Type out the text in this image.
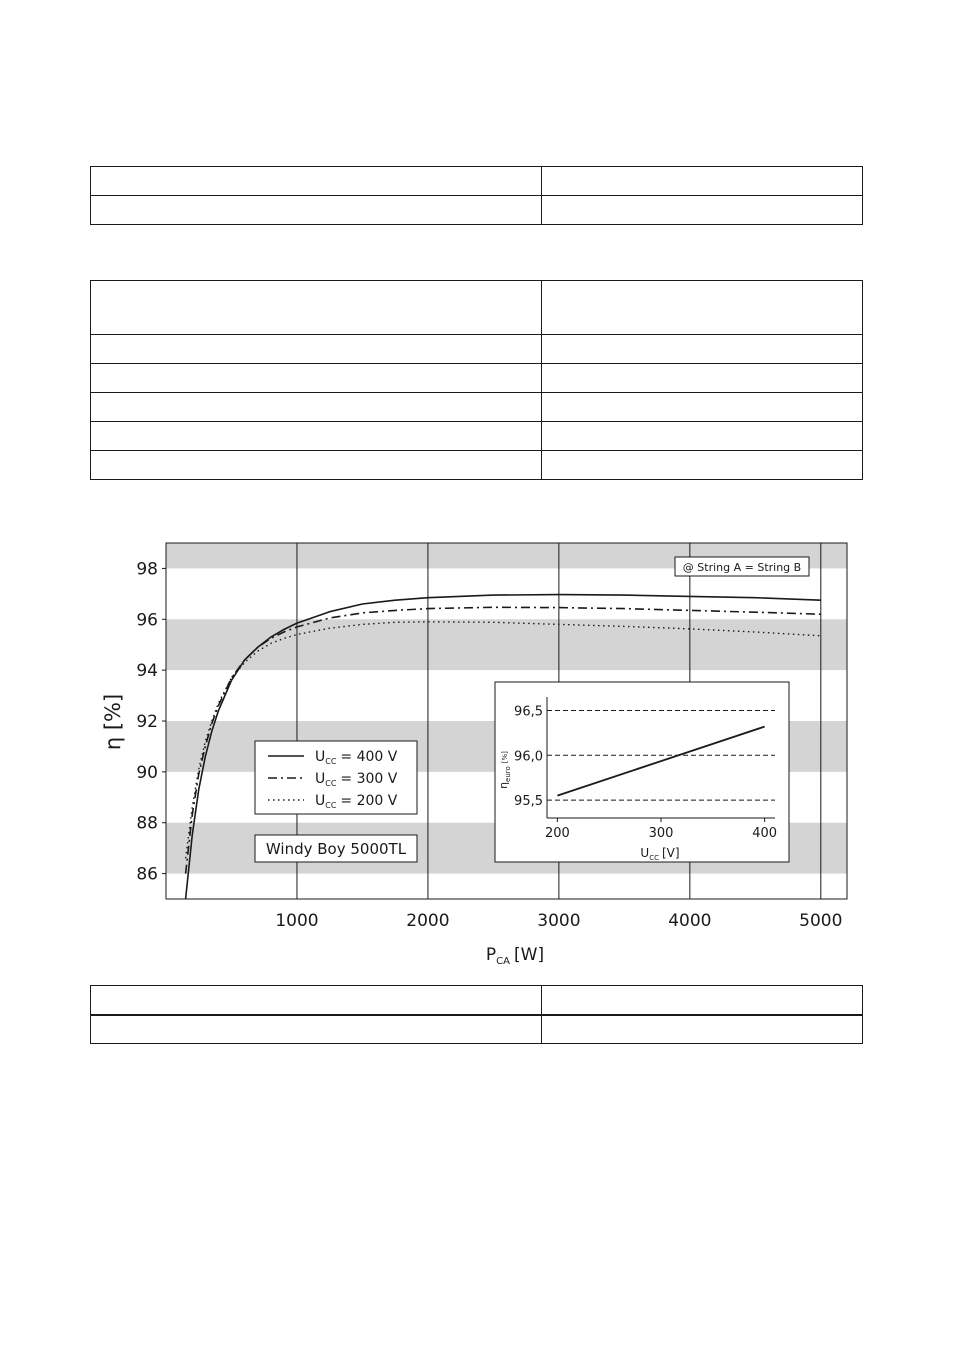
86
88
90
92
94
96
98
1000	2000	3000	4000	5000
η [%]
$P_{CA}$ [W]
@ String A = String B
$U_{CC} = 400$ V
$U_{CC} = 300$ V
$U_{CC} = 200$ V
Windy Boy 5000TL
95,5
96,0
96,5
200	300	400
$\eta_{euro}[\%]$
$U_{CC}$ [V]
